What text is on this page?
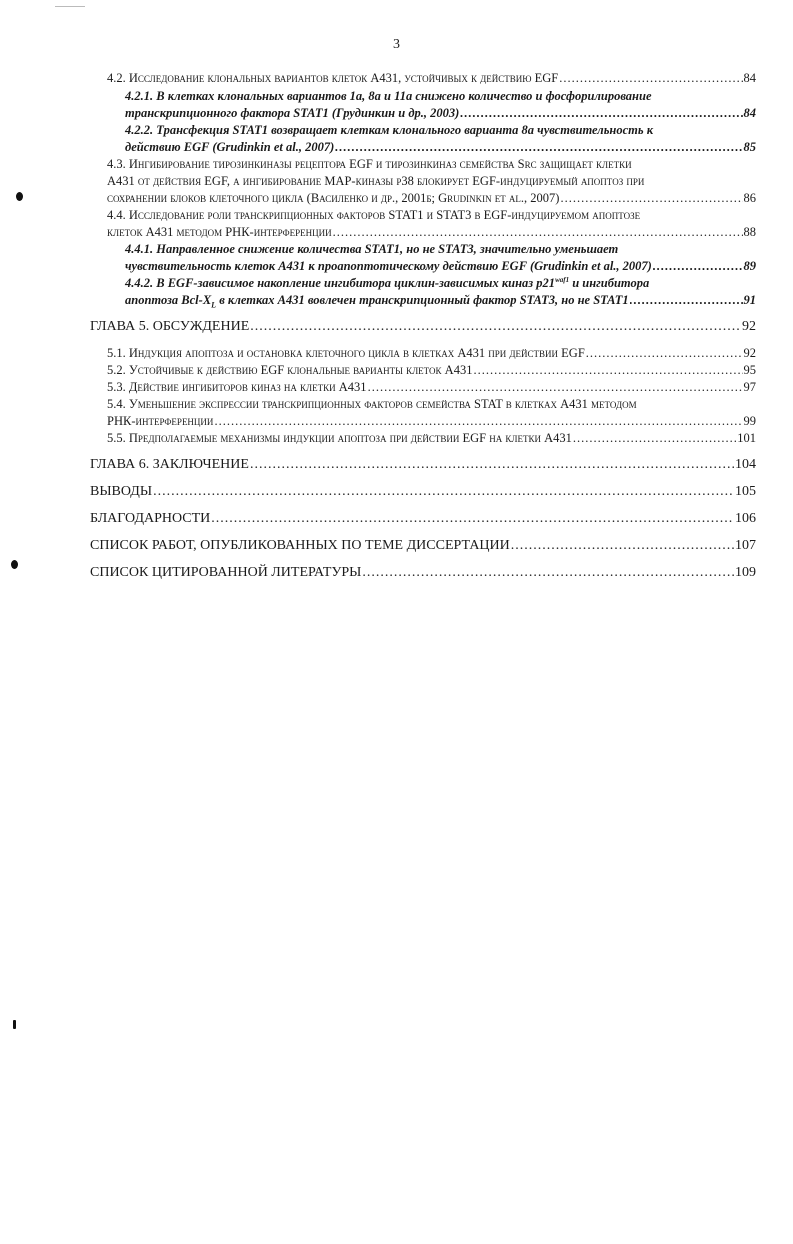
3
4.2. Исследование клональных вариантов клеток А431, устойчивых к действию EGF .....	84
4.2.1. В клетках клональных вариантов 1а, 8а и 11а снижено количество и фосфорилирование
транскрипционного фактора STAT1 (Грудинкин и др., 2003) .....	84
4.2.2. Трансфекция STAT1 возвращает клеткам клонального варианта 8а чувствительность к
действию EGF (Grudinkin et al., 2007) .....	85
4.3. Ингибирование тирозинкиназы рецептора EGF и тирозинкиназ семейства Src защищает клетки
А431 от действия EGF, а ингибирование МАР-киназы р38 блокирует EGF-индуцируемый апоптоз при
сохранении блоков клеточного цикла (Василенко и др., 2001б; Grudinkin et al., 2007) .....	86
4.4. Исследование роли транскрипционных факторов STAT1 и STAT3 в EGF-индуцируемом апоптозе
клеток А431 методом РНК-интерференции .....	88
4.4.1. Направленное снижение количества STAT1, но не STAT3, значительно уменьшает
чувствительность клеток А431 к проапоптотическому действию EGF (Grudinkin et al., 2007) .....	89
4.4.2. В EGF-зависимое накопление ингибитора циклин-зависимых киназ $p21^{waf1}$ и ингибитора
апоптоза Bcl-$X_L$ в клетках А431 вовлечен транскрипционный фактор STAT3, но не STAT1 .....	91
ГЛАВА 5. ОБСУЖДЕНИЕ .....	92
5.1. Индукция апоптоза и остановка клеточного цикла в клетках А431 при действии EGF .....	92
5.2. Устойчивые к действию EGF клональные варианты клеток А431 .....	95
5.3. Действие ингибиторов киназ на клетки А431 .....	97
5.4. Уменьшение экспрессии транскрипционных факторов семейства STAT в клетках А431 методом
РНК-интерференции .....	99
5.5. Предполагаемые механизмы индукции апоптоза при действии EGF на клетки А431 .....	101
ГЛАВА 6. ЗАКЛЮЧЕНИЕ .....	104
ВЫВОДЫ .....	105
БЛАГОДАРНОСТИ .....	106
СПИСОК РАБОТ, ОПУБЛИКОВАННЫХ ПО ТЕМЕ ДИССЕРТАЦИИ .....	107
СПИСОК ЦИТИРОВАННОЙ ЛИТЕРАТУРЫ .....	109
